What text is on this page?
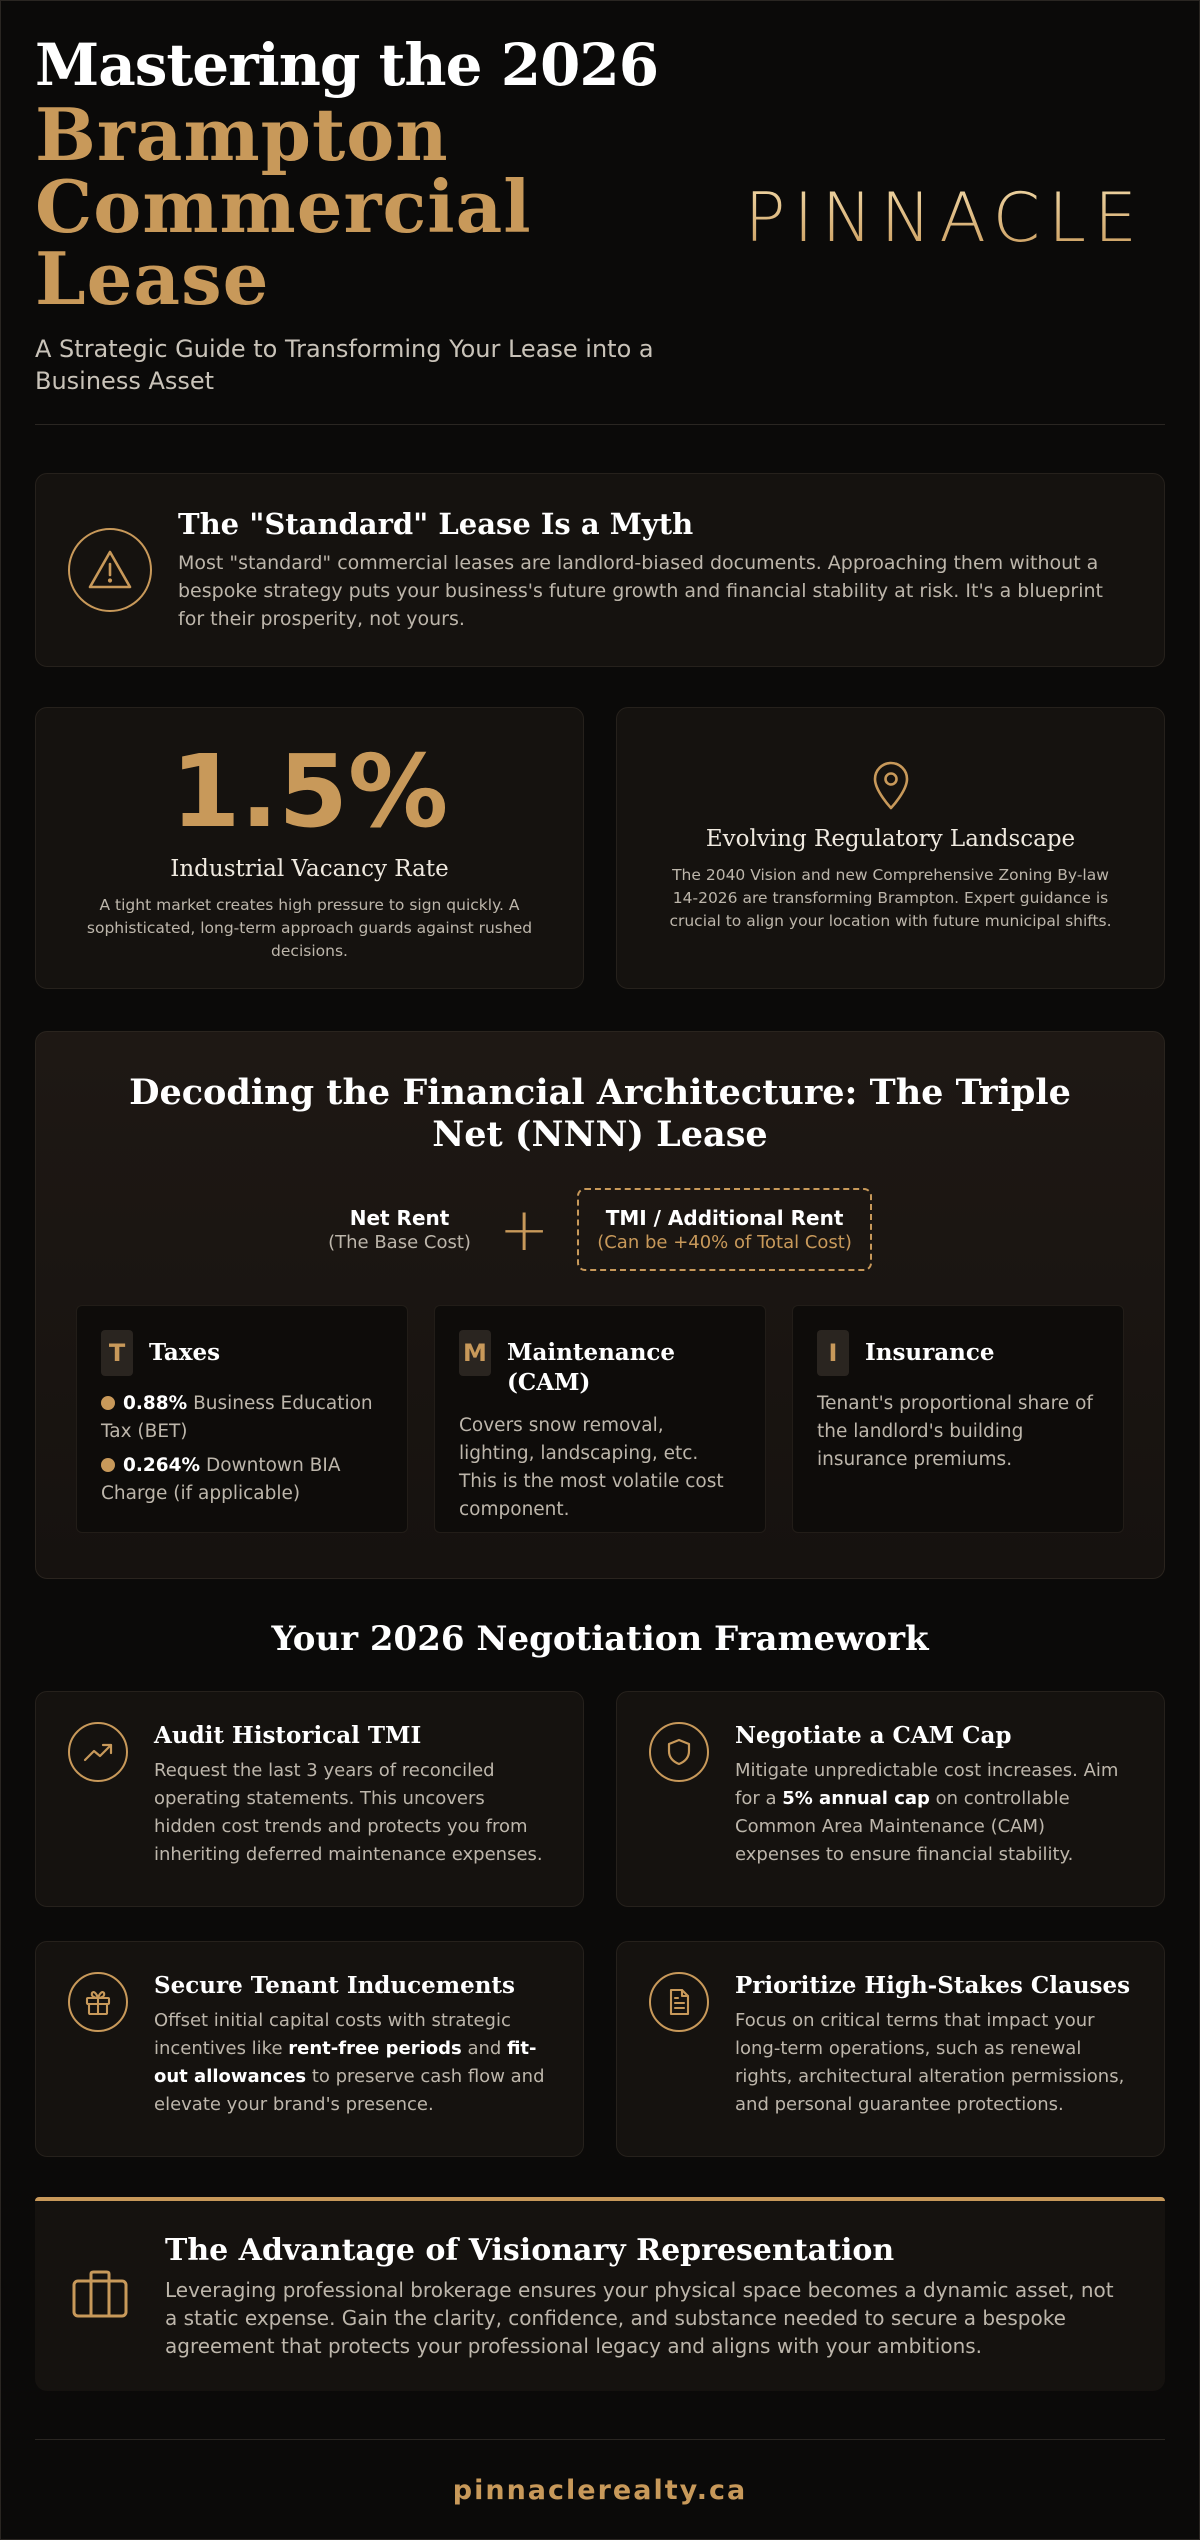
Mastering the 2026
Brampton
Commercial
Lease
A Strategic Guide to Transforming Your Lease into a Business Asset
PINNACLE
The "Standard" Lease Is a Myth
Most "standard" commercial leases are landlord-biased documents. Approaching them without a bespoke strategy puts your business's future growth and financial stability at risk. It's a blueprint for their prosperity, not yours.
1.5%
Industrial Vacancy Rate
A tight market creates high pressure to sign quickly. A sophisticated, long-term approach guards against rushed decisions.
Evolving Regulatory Landscape
The 2040 Vision and new Comprehensive Zoning By-law 14-2026 are transforming Brampton. Expert guidance is crucial to align your location with future municipal shifts.
Decoding the Financial Architecture: The Triple Net (NNN) Lease
Net Rent
(The Base Cost) +	TMI / Additional Rent
(Can be +40% of Total Cost)
T	Taxes
0.88% Business Education Tax (BET)
0.264% Downtown BIA Charge (if applicable)
M Maintenance (CAM)
Covers snow removal, lighting, landscaping, etc. This is the most volatile cost component.
I	Insurance
Tenant's proportional share of the landlord's building insurance premiums.
Your 2026 Negotiation Framework
Audit Historical TMI
Request the last 3 years of reconciled operating statements. This uncovers hidden cost trends and protects you from inheriting deferred maintenance expenses.
Negotiate a CAM Cap
Mitigate unpredictable cost increases. Aim for a 5% annual cap on controllable Common Area Maintenance (CAM) expenses to ensure financial stability.
Secure Tenant Inducements
Offset initial capital costs with strategic incentives like rent-free periods and fit-out allowances to preserve cash flow and elevate your brand's presence.
Prioritize High-Stakes Clauses
Focus on critical terms that impact your long-term operations, such as renewal rights, architectural alteration permissions, and personal guarantee protections.
The Advantage of Visionary Representation
Leveraging professional brokerage ensures your physical space becomes a dynamic asset, not a static expense. Gain the clarity, confidence, and substance needed to secure a bespoke agreement that protects your professional legacy and aligns with your ambitions.
pinnaclerealty.ca
